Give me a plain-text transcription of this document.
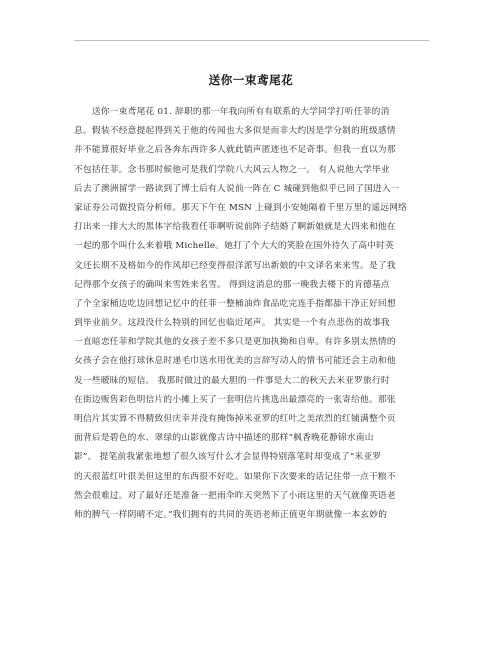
送你一束鸢尾花
　　送你一束鸢尾花 01. 辞职的那一年我向所有有联系的大学同学打听任菲的消
息。假装不经意提起得到关于他的传闻也大多似是而非大约因是学分制的班级感情
并不能算很好毕业之后各奔东西许多人就此销声匿迹也不足奇事。但我一直以为那
不包括任菲。念书那时候他可是我们学院八大风云人物之一。 有人说他大学毕业
后去了澳洲留学一路读到了博士后有人说前一阵在 C 城碰到他似乎已回了国进入一
家证券公司做投资分析师。那天下午在 MSN 上碰到小安她隔着千里万里的遥远网络
打出来一排大大的黑体字给我看任菲啊听说前阵子结婚了啊新娘就是大四来和他在
一起的那个叫什么来着哦 Michelle。她打了个大大的笑脸在国外待久了高中时英
文还长期不及格如今的作风却已经变得很洋派写出新娘的中文译名来来雪。是了我
记得那个女孩子的确叫来雪姓来名雪。 得到这消息的那一晚我去楼下的肯德基点
了个全家桶边吃边回想记忆中的任菲一整桶油炸食品吃完连手指都舔干净正好回想
到毕业前夕。这段没什么特别的回忆也临近尾声。 其实是一个有点悲伤的故事我
一直暗恋任菲和学院其他的女孩子差不多只是更加执拗和自卑。有许多别太热情的
女孩子会在他打球休息时递毛巾送水用优美的言辞写动人的情书可能还会主动和他
发一些暧昧的短信。 我那时做过的最大胆的一件事是大二的秋天去米亚罗旅行时
在街边贩售彩色明信片的小摊上买了一套明信片挑选出最漂亮的一张寄给他。那张
明信片其实算不得精致但庆幸并没有掩饰掉米亚罗的红叶之美浓烈的红铺满整个页
面背后是碧色的水、翠绿的山影就像古诗中描述的那样“枫香晚花静锦水南山
影”。 提笔前我紧张地想了很久该写什么才会显得特别落笔时却变成了“米亚罗
的天很蓝红叶很美但这里的东西很不好吃。如果你下次要来的话记住带一点干粮不
然会很难过。对了最好还是准备一把雨伞昨天突然下了小雨这里的天气就像英语老
师的脾气一样阴晴不定。”我们拥有的共同的英语老师正值更年期就像一本玄妙的
